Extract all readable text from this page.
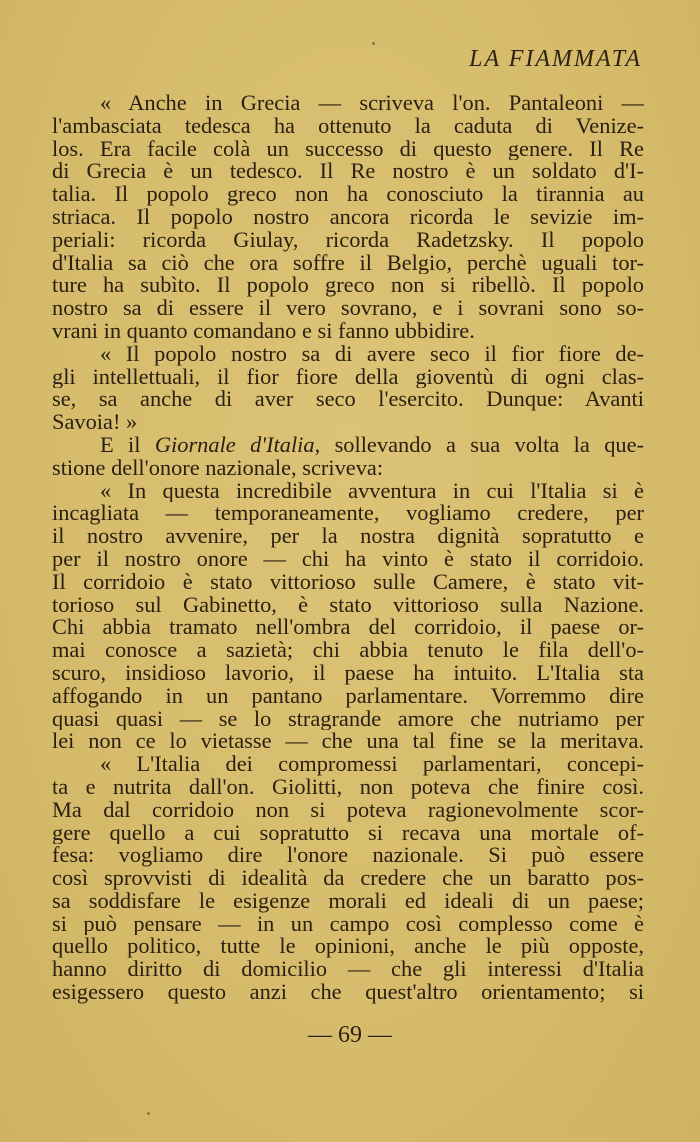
LA FIAMMATA
« Anche in Grecia — scriveva l'on. Pantaleoni —
l'ambasciata tedesca ha ottenuto la caduta di Venize-
los. Era facile colà un successo di questo genere. Il Re
di Grecia è un tedesco. Il Re nostro è un soldato d'I-
talia. Il popolo greco non ha conosciuto la tirannia au
striaca. Il popolo nostro ancora ricorda le sevizie im-
periali: ricorda Giulay, ricorda Radetzsky. Il popolo
d'Italia sa ciò che ora soffre il Belgio, perchè uguali tor-
ture ha subìto. Il popolo greco non si ribellò. Il popolo
nostro sa di essere il vero sovrano, e i sovrani sono so-
vrani in quanto comandano e si fanno ubbidire.
« Il popolo nostro sa di avere seco il fior fiore de-
gli intellettuali, il fior fiore della gioventù di ogni clas-
se, sa anche di aver seco l'esercito. Dunque: Avanti
Savoia! »
E il Giornale d'Italia, sollevando a sua volta la que-
stione dell'onore nazionale, scriveva:
« In questa incredibile avventura in cui l'Italia si è
incagliata — temporaneamente, vogliamo credere, per
il nostro avvenire, per la nostra dignità sopratutto e
per il nostro onore — chi ha vinto è stato il corridoio.
Il corridoio è stato vittorioso sulle Camere, è stato vit-
torioso sul Gabinetto, è stato vittorioso sulla Nazione.
Chi abbia tramato nell'ombra del corridoio, il paese or-
mai conosce a sazietà; chi abbia tenuto le fila dell'o-
scuro, insidioso lavorio, il paese ha intuito. L'Italia sta
affogando in un pantano parlamentare. Vorremmo dire
quasi quasi — se lo stragrande amore che nutriamo per
lei non ce lo vietasse — che una tal fine se la meritava.
« L'Italia dei compromessi parlamentari, concepi-
ta e nutrita dall'on. Giolitti, non poteva che finire così.
Ma dal corridoio non si poteva ragionevolmente scor-
gere quello a cui sopratutto si recava una mortale of-
fesa: vogliamo dire l'onore nazionale. Si può essere
così sprovvisti di idealità da credere che un baratto pos-
sa soddisfare le esigenze morali ed ideali di un paese;
si può pensare — in un campo così complesso come è
quello politico, tutte le opinioni, anche le più opposte,
hanno diritto di domicilio — che gli interessi d'Italia
esigessero questo anzi che quest'altro orientamento; si
— 69 —
